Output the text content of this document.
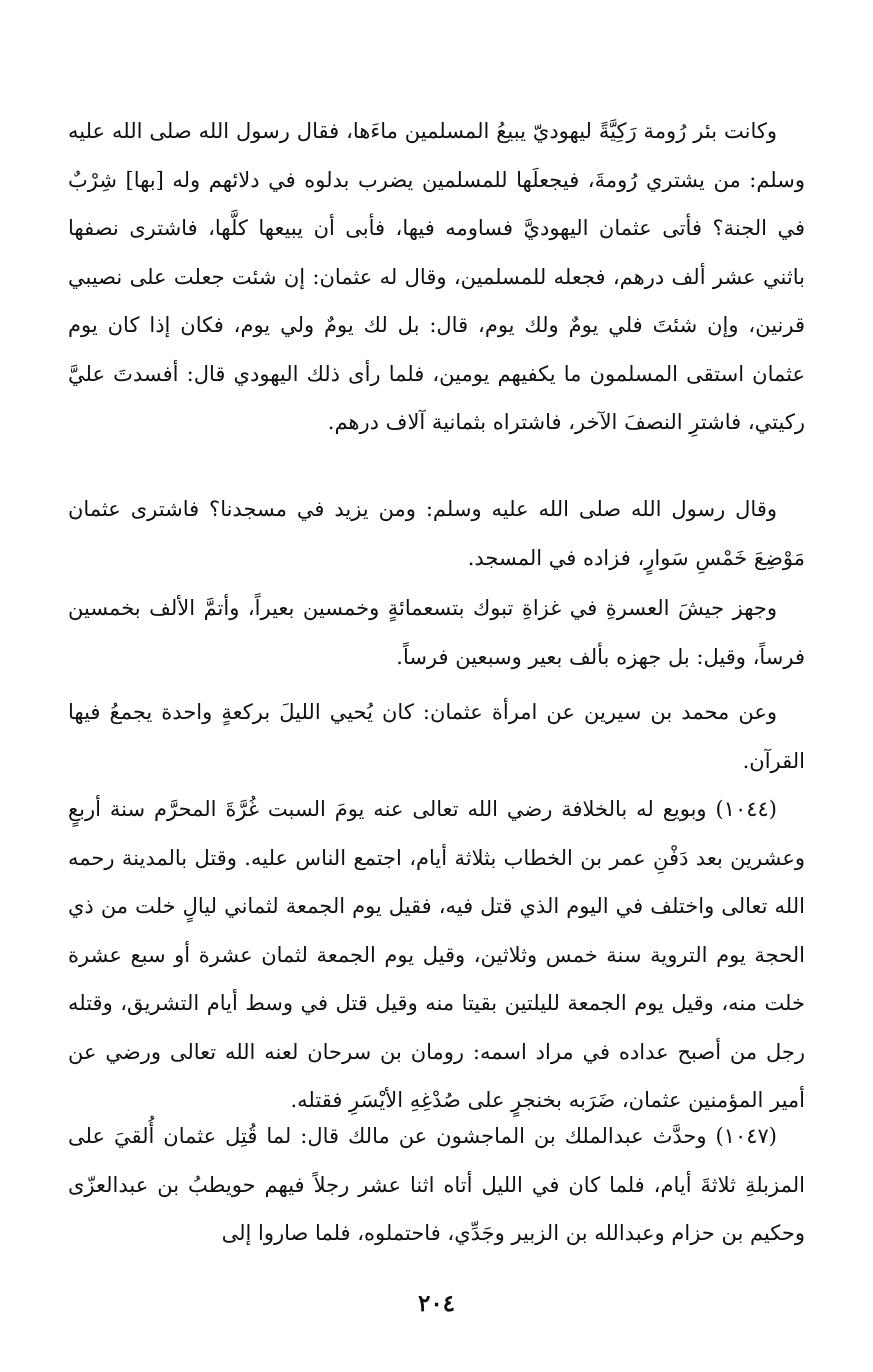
وكانت بئر رُومة رَكِيَّةً ليهوديّ يبيعُ المسلمين ماءَها، فقال رسول الله صلى الله عليه وسلم: من يشتري رُومةَ، فيجعلَها للمسلمين يضرب بدلوه في دلائهم وله [بها] شِرْبٌ في الجنة؟ فأتى عثمان اليهوديَّ فساومه فيها، فأبى أن يبيعها كلَّها، فاشترى نصفها باثني عشر ألف درهم، فجعله للمسلمين، وقال له عثمان: إن شئت جعلت على نصيبي قرنين، وإن شئتَ فلي يومٌ ولك يوم، قال: بل لك يومٌ ولي يوم، فكان إذا كان يوم عثمان استقى المسلمون ما يكفيهم يومين، فلما رأى ذلك اليهودي قال: أفسدتَ عليَّ ركيتي، فاشترِ النصفَ الآخر، فاشتراه بثمانية آلاف درهم.

وقال رسول الله صلى الله عليه وسلم: ومن يزيد في مسجدنا؟ فاشترى عثمان مَوْضِعَ خَمْسِ سَوارٍ، فزاده في المسجد.

وجهز جيشَ العسرةِ في غزاةِ تبوك بتسعمائةٍ وخمسين بعيراً، وأتمَّ الألف بخمسين فرساً، وقيل: بل جهزه بألف بعير وسبعين فرساً.

وعن محمد بن سيرين عن امرأة عثمان: كان يُحيي الليلَ بركعةٍ واحدة يجمعُ فيها القرآن.

(١٠٤٤) وبويع له بالخلافة رضي الله تعالى عنه يومَ السبت غُرَّةَ المحرَّم سنة أربعٍ وعشرين بعد دَفْنِ عمر بن الخطاب بثلاثة أيام، اجتمع الناس عليه. وقتل بالمدينة رحمه الله تعالى واختلف في اليوم الذي قتل فيه، فقيل يوم الجمعة لثماني ليالٍ خلت من ذي الحجة يوم التروية سنة خمس وثلاثين، وقيل يوم الجمعة لثمان عشرة أو سبع عشرة خلت منه، وقيل يوم الجمعة لليلتين بقيتا منه وقيل قتل في وسط أيام التشريق، وقتله رجل من أصبح عداده في مراد اسمه: رومان بن سرحان لعنه الله تعالى ورضي عن أمير المؤمنين عثمان، ضَرَبه بخنجرٍ على صُدْغِهِ الأيْسَرِ فقتله.

(١٠٤٧) وحدَّث عبدالملك بن الماجشون عن مالك قال: لما قُتِل عثمان أُلقيَ على المزبلةِ ثلاثةَ أيام، فلما كان في الليل أتاه اثنا عشر رجلاً فيهم حويطبُ بن عبدالعزّى وحكيم بن حزام وعبدالله بن الزبير وجَدِّي، فاحتملوه، فلما صاروا إلى

٢٠٤
